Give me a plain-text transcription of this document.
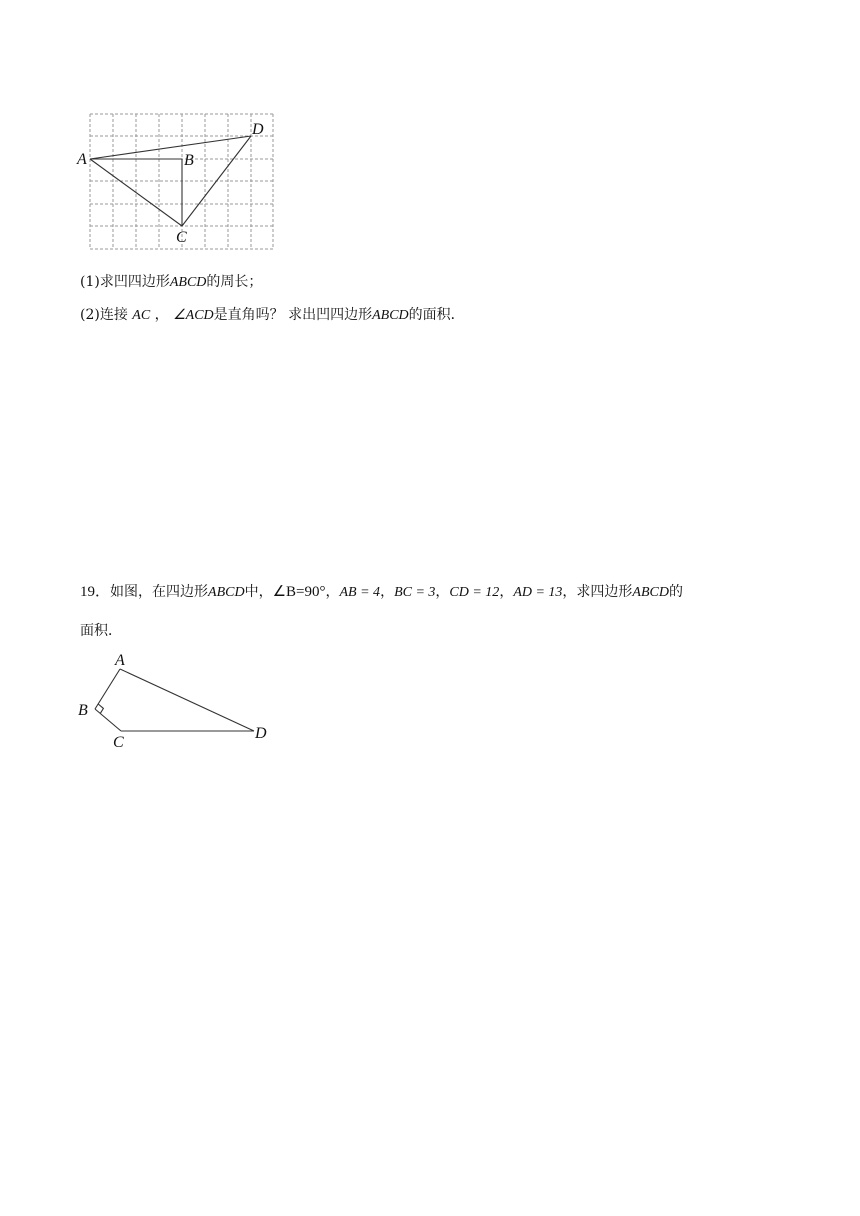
A	B
C
D
(1)求凹四边形ABCD的周长；
(2)连接 AC ， ∠ACD是直角吗？ 求出凹四边形ABCD的面积．
19．如图，在四边形ABCD中，∠B=90°，AB = 4，BC = 3，CD = 12，AD = 13，求四边形ABCD的
面积．
A
B
C
D
